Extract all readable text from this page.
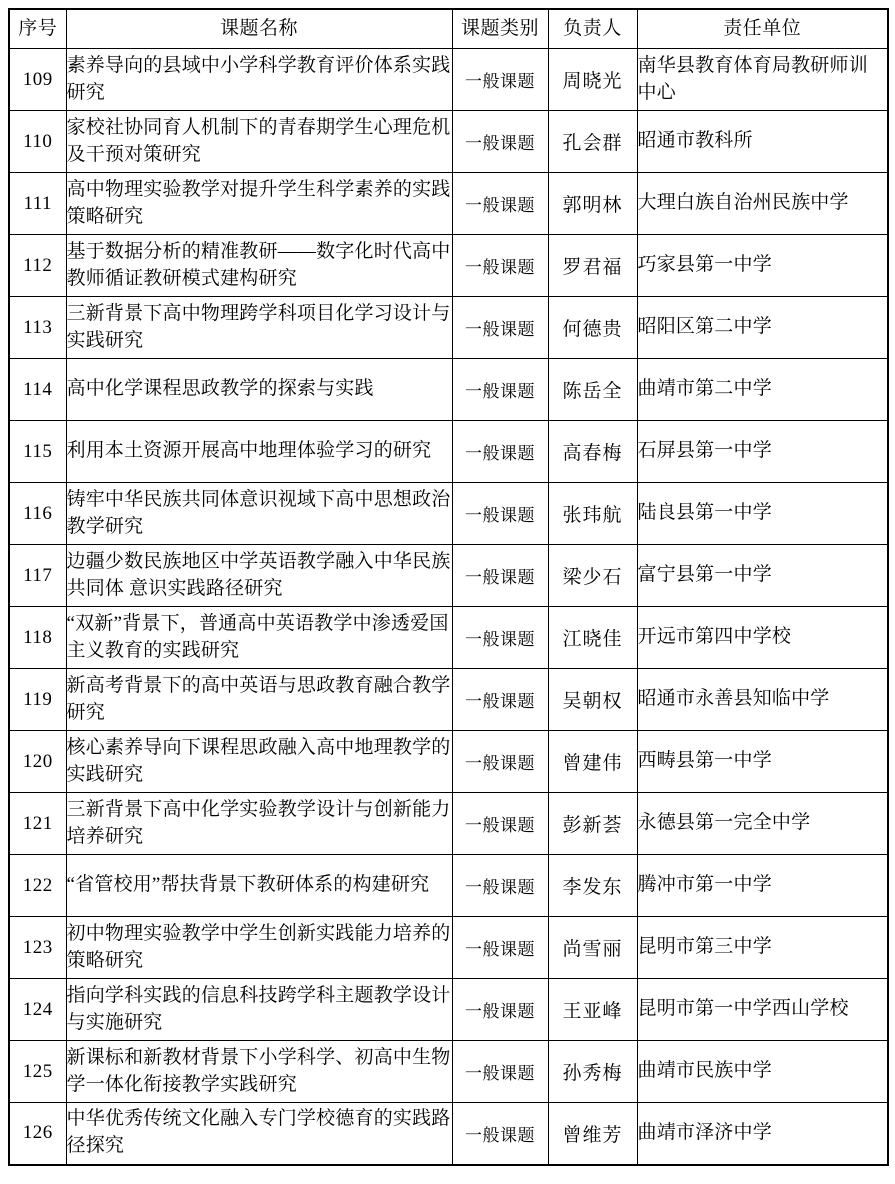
序号	课题名称	课题类别	负责人	责任单位
109	素养导向的县域中小学科学教育评价体系实践研究	一般课题	周晓光	南华县教育体育局教研师训中心
110	家校社协同育人机制下的青春期学生心理危机及干预对策研究	一般课题	孔会群	昭通市教科所
111	高中物理实验教学对提升学生科学素养的实践策略研究	一般课题	郭明林	大理白族自治州民族中学
112	基于数据分析的精准教研——数字化时代高中教师循证教研模式建构研究	一般课题	罗君福	巧家县第一中学
113	三新背景下高中物理跨学科项目化学习设计与实践研究	一般课题	何德贵	昭阳区第二中学
114	高中化学课程思政教学的探索与实践	一般课题	陈岳全	曲靖市第二中学
115	利用本土资源开展高中地理体验学习的研究	一般课题	高春梅	石屏县第一中学
116	铸牢中华民族共同体意识视域下高中思想政治教学研究	一般课题	张玮航	陆良县第一中学
117	边疆少数民族地区中学英语教学融入中华民族共同体 意识实践路径研究	一般课题	梁少石	富宁县第一中学
118	“双新”背景下，普通高中英语教学中渗透爱国主义教育的实践研究	一般课题	江晓佳	开远市第四中学校
119	新高考背景下的高中英语与思政教育融合教学研究	一般课题	吴朝权	昭通市永善县知临中学
120	核心素养导向下课程思政融入高中地理教学的实践研究	一般课题	曾建伟	西畴县第一中学
121	三新背景下高中化学实验教学设计与创新能力培养研究	一般课题	彭新荟	永德县第一完全中学
122	“省管校用”帮扶背景下教研体系的构建研究	一般课题	李发东	腾冲市第一中学
123	初中物理实验教学中学生创新实践能力培养的策略研究	一般课题	尚雪丽	昆明市第三中学
124	指向学科实践的信息科技跨学科主题教学设计与实施研究	一般课题	王亚峰	昆明市第一中学西山学校
125	新课标和新教材背景下小学科学、初高中生物学一体化衔接教学实践研究	一般课题	孙秀梅	曲靖市民族中学
126	中华优秀传统文化融入专门学校德育的实践路径探究	一般课题	曾维芳	曲靖市泽济中学
